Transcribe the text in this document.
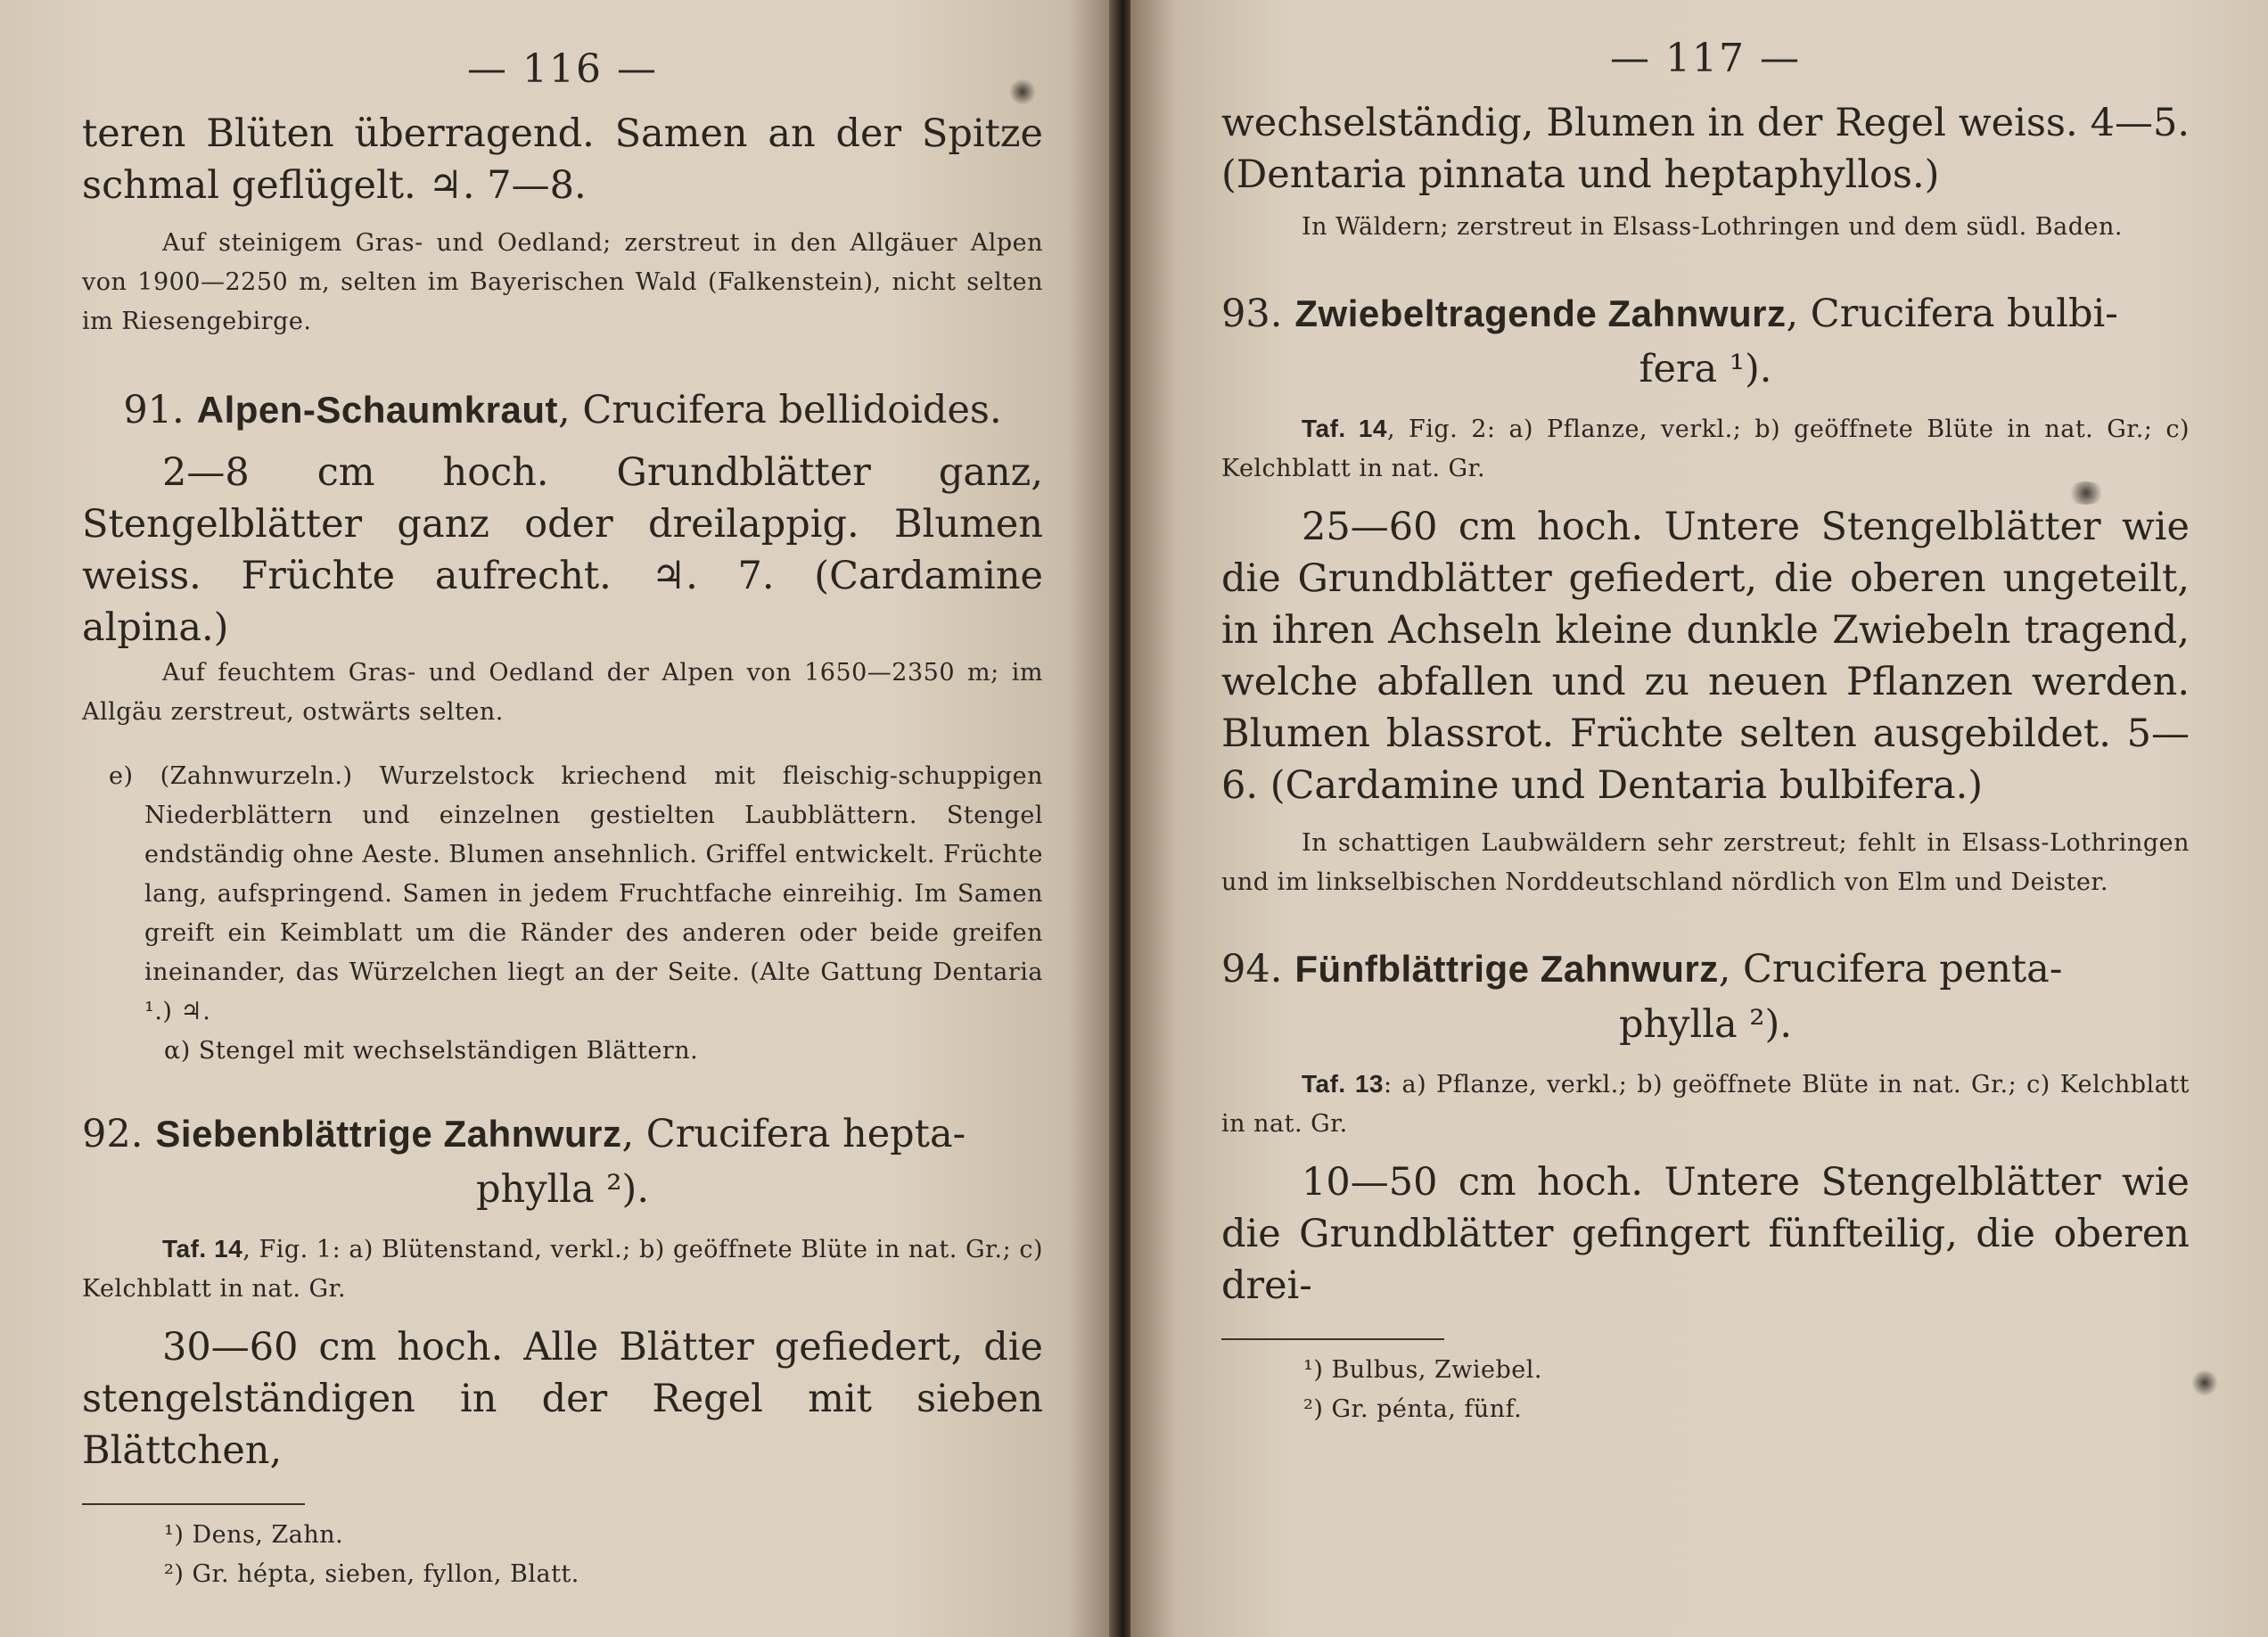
— 116 —

teren Blüten überragend. Samen an der Spitze schmal geflügelt. ♃. 7—8.

Auf steinigem Gras- und Oedland; zerstreut in den Allgäuer Alpen von 1900—2250 m, selten im Bayerischen Wald (Falkenstein), nicht selten im Riesengebirge.

91. Alpen-Schaumkraut, Crucifera bellidoides.

2—8 cm hoch. Grundblätter ganz, Stengelblätter ganz oder dreilappig. Blumen weiss. Früchte aufrecht. ♃. 7. (Cardamine alpina.)

Auf feuchtem Gras- und Oedland der Alpen von 1650—2350 m; im Allgäu zerstreut, ostwärts selten.

e) (Zahnwurzeln.) Wurzelstock kriechend mit fleischig-schuppigen Niederblättern und einzelnen gestielten Laubblättern. Stengel endständig ohne Aeste. Blumen ansehnlich. Griffel entwickelt. Früchte lang, aufspringend. Samen in jedem Fruchtfache einreihig. Im Samen greift ein Keimblatt um die Ränder des anderen oder beide greifen ineinander, das Würzelchen liegt an der Seite. (Alte Gattung Dentaria ¹.) ♃.

α) Stengel mit wechselständigen Blättern.

92. Siebenblättrige Zahnwurz, Crucifera hepta-
phylla ²).

Taf. 14, Fig. 1: a) Blütenstand, verkl.; b) geöffnete Blüte in nat. Gr.; c) Kelchblatt in nat. Gr.

30—60 cm hoch. Alle Blätter gefiedert, die stengelständigen in der Regel mit sieben Blättchen,

¹) Dens, Zahn.

²) Gr. hépta, sieben, fyllon, Blatt.

— 117 —

wechselständig, Blumen in der Regel weiss. 4—5. (Dentaria pinnata und heptaphyllos.)

In Wäldern; zerstreut in Elsass-Lothringen und dem südl. Baden.

93. Zwiebeltragende Zahnwurz, Crucifera bulbi-
fera ¹).

Taf. 14, Fig. 2: a) Pflanze, verkl.; b) geöffnete Blüte in nat. Gr.; c) Kelchblatt in nat. Gr.

25—60 cm hoch. Untere Stengelblätter wie die Grundblätter gefiedert, die oberen ungeteilt, in ihren Achseln kleine dunkle Zwiebeln tragend, welche abfallen und zu neuen Pflanzen werden. Blumen blassrot. Früchte selten ausgebildet. 5—6. (Cardamine und Dentaria bulbifera.)

In schattigen Laubwäldern sehr zerstreut; fehlt in Elsass-Lothringen und im linkselbischen Norddeutschland nördlich von Elm und Deister.

94. Fünfblättrige Zahnwurz, Crucifera penta-
phylla ²).

Taf. 13: a) Pflanze, verkl.; b) geöffnete Blüte in nat. Gr.; c) Kelchblatt in nat. Gr.

10—50 cm hoch. Untere Stengelblätter wie die Grundblätter gefingert fünfteilig, die oberen drei-

¹) Bulbus, Zwiebel.

²) Gr. pénta, fünf.
